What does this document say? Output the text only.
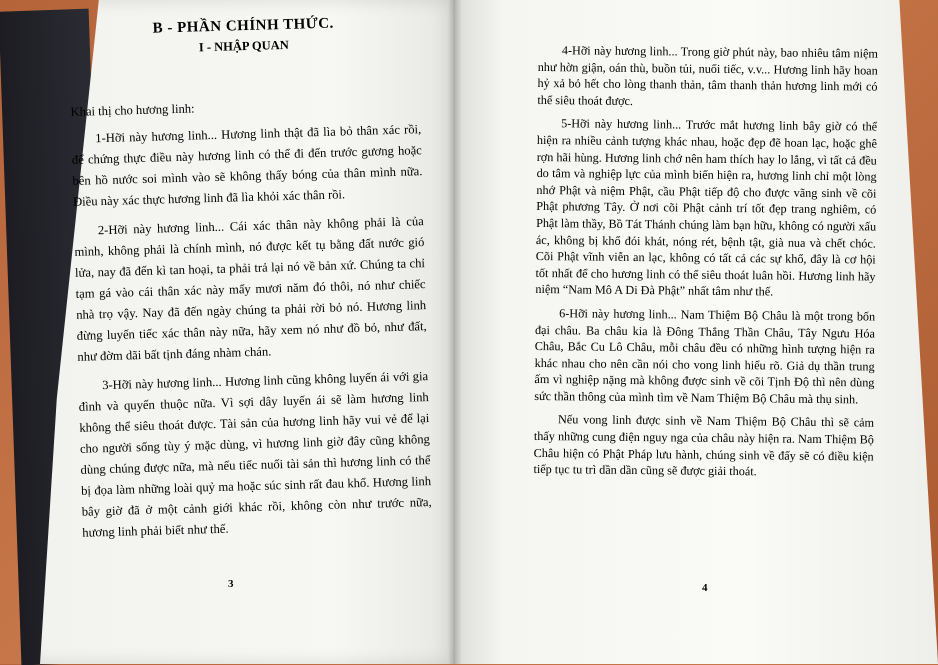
B - PHẦN CHÍNH THỨC.

I - NHẬP QUAN

Khai thị cho hương linh:

1-Hỡi này hương linh... Hương linh thật đã lìa bỏ thân xác rồi, để chứng thực điều này hương linh có thể đi đến trước gương hoặc bên hồ nước soi mình vào sẽ không thấy bóng của thân mình nữa. Điều này xác thực hương linh đã lìa khỏi xác thân rồi.

2-Hỡi này hương linh... Cái xác thân này không phải là của mình, không phải là chính mình, nó được kết tụ bằng đất nước gió lửa, nay đã đến kì tan hoại, ta phải trả lại nó về bản xứ. Chúng ta chỉ tạm gá vào cái thân xác này mấy mươi năm đó thôi, nó như chiếc nhà trọ vậy. Nay đã đến ngày chúng ta phải rời bỏ nó. Hương linh đừng luyến tiếc xác thân này nữa, hãy xem nó như đồ bỏ, như đất, như đờm dãi bất tịnh đáng nhàm chán.

3-Hỡi này hương linh... Hương linh cũng không luyến ái với gia đình và quyến thuộc nữa. Vì sợi dây luyến ái sẽ làm hương linh không thể siêu thoát được. Tài sản của hương linh hãy vui vẻ để lại cho người sống tùy ý mặc dùng, vì hương linh giờ đây cũng không dùng chúng được nữa, mà nếu tiếc nuối tài sản thì hương linh có thể bị đọa làm những loài quỷ ma hoặc súc sinh rất đau khổ. Hương linh bây giờ đã ở một cảnh giới khác rồi, không còn như trước nữa, hương linh phải biết như thế.

4-Hỡi này hương linh... Trong giờ phút này, bao nhiêu tâm niệm như hờn giận, oán thù, buồn tủi, nuối tiếc, v.v... Hương linh hãy hoan hỷ xả bỏ hết cho lòng thanh thản, tâm thanh thản hương linh mới có thể siêu thoát được.

5-Hỡi này hương linh... Trước mắt hương linh bây giờ có thể hiện ra nhiều cảnh tượng khác nhau, hoặc đẹp đẽ hoan lạc, hoặc ghê rợn hãi hùng. Hương linh chớ nên ham thích hay lo lắng, vì tất cả đều do tâm và nghiệp lực của mình biến hiện ra, hương linh chỉ một lòng nhớ Phật và niệm Phật, cầu Phật tiếp độ cho được vãng sinh về cõi Phật phương Tây. Ở nơi cõi Phật cảnh trí tốt đẹp trang nghiêm, có Phật làm thầy, Bồ Tát Thánh chúng làm bạn hữu, không có người xấu ác, không bị khổ đói khát, nóng rét, bệnh tật, già nua và chết chóc. Cõi Phật vĩnh viễn an lạc, không có tất cả các sự khổ, đây là cơ hội tốt nhất để cho hương linh có thể siêu thoát luân hồi. Hương linh hãy niệm “Nam Mô A Di Đà Phật” nhất tâm như thế.

6-Hỡi này hương linh... Nam Thiệm Bộ Châu là một trong bốn đại châu. Ba châu kia là Đông Thắng Thần Châu, Tây Ngưu Hóa Châu, Bắc Cu Lô Châu, mỗi châu đều có những hình tượng hiện ra khác nhau cho nên cần nói cho vong linh hiểu rõ. Giả dụ thần trung ấm vì nghiệp nặng mà không được sinh về cõi Tịnh Độ thì nên dùng sức thần thông của mình tìm về Nam Thiệm Bộ Châu mà thụ sinh.

Nếu vong linh được sinh về Nam Thiệm Bộ Châu thì sẽ cảm thấy những cung điện nguy nga của châu này hiện ra. Nam Thiệm Bộ Châu hiện có Phật Pháp lưu hành, chúng sinh về đấy sẽ có điều kiện tiếp tục tu trì dần dần cũng sẽ được giải thoát.

3	4
